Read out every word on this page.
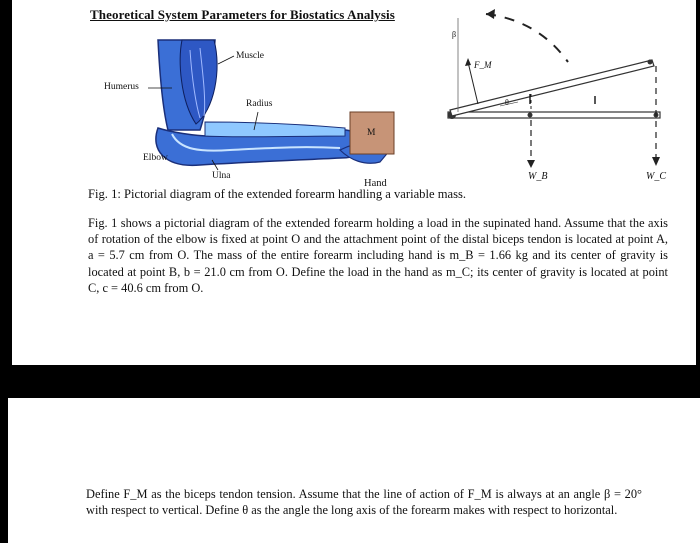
Theoretical System Parameters for Biostatics Analysis
Muscle
Humerus
Radius
Elbow
Ulna
Hand
M
β
θ
F_M
W_B	W_C
Fig. 1: Pictorial diagram of the extended forearm handling a variable mass.
Fig. 1 shows a pictorial diagram of the extended forearm holding a load in the supinated hand. Assume that the axis of rotation of the elbow is fixed at point O and the attachment point of the distal biceps tendon is located at point A, a = 5.7 cm from O. The mass of the entire forearm including hand is m_B = 1.66 kg and its center of gravity is located at point B, b = 21.0 cm from O. Define the load in the hand as m_C; its center of gravity is located at point C, c = 40.6 cm from O.
Define F_M as the biceps tendon tension. Assume that the line of action of F_M is always at an angle β = 20° with respect to vertical. Define θ as the angle the long axis of the forearm makes with respect to horizontal.
